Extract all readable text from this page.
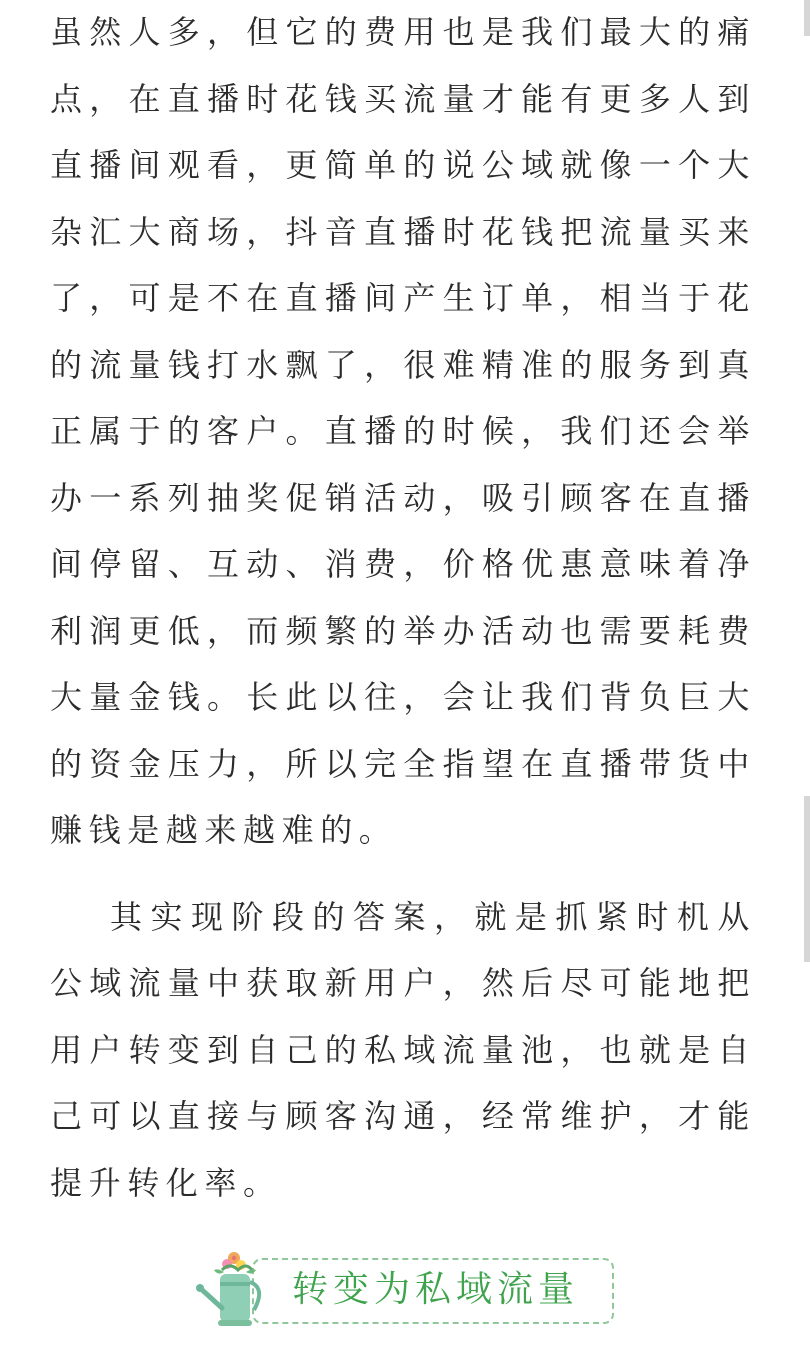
虽然人多，但它的费用也是我们最大的痛点，在直播时花钱买流量才能有更多人到直播间观看，更简单的说公域就像一个大杂汇大商场，抖音直播时花钱把流量买来了，可是不在直播间产生订单，相当于花的流量钱打水飘了，很难精准的服务到真正属于的客户。直播的时候，我们还会举办一系列抽奖促销活动，吸引顾客在直播间停留、互动、消费，价格优惠意味着净利润更低，而频繁的举办活动也需要耗费大量金钱。长此以往，会让我们背负巨大的资金压力，所以完全指望在直播带货中赚钱是越来越难的。

其实现阶段的答案，就是抓紧时机从公域流量中获取新用户，然后尽可能地把用户转变到自己的私域流量池，也就是自己可以直接与顾客沟通，经常维护，才能提升转化率。

转变为私域流量
